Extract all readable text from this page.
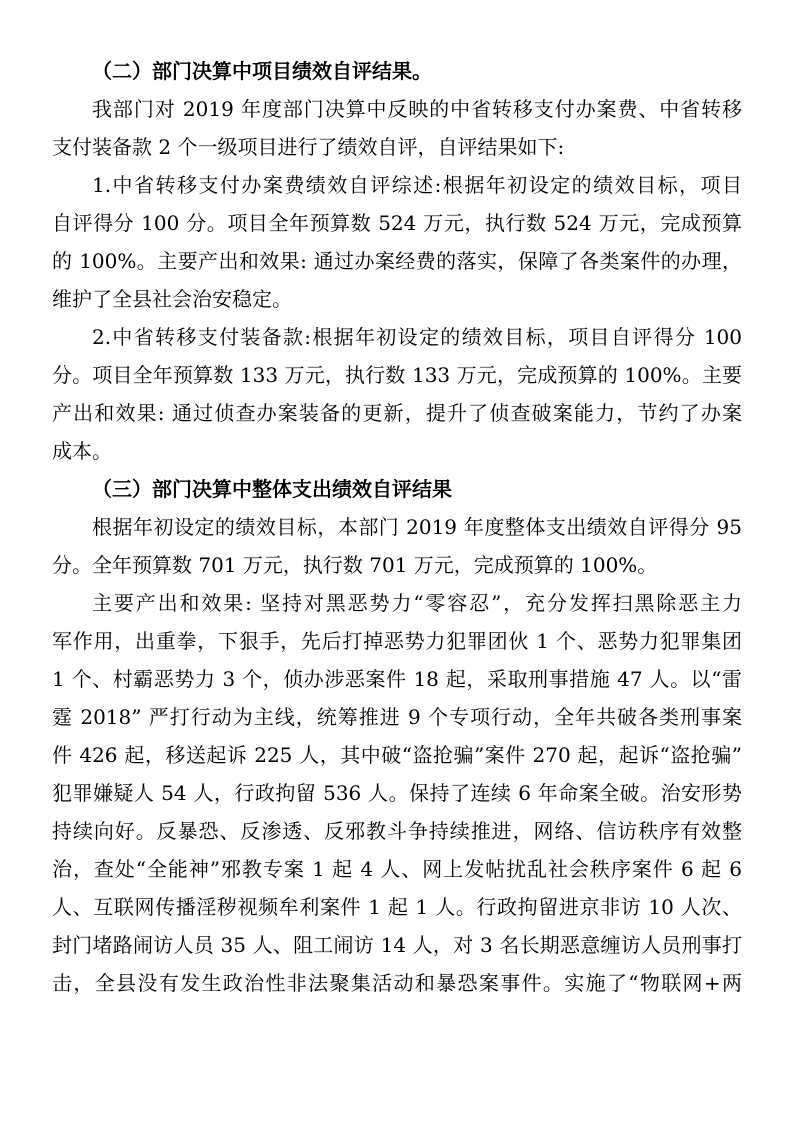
（二）部门决算中项目绩效自评结果。
我部门对 2019 年度部门决算中反映的中省转移支付办案费、中省转移
支付装备款 2 个一级项目进行了绩效自评，自评结果如下:
1.中省转移支付办案费绩效自评综述:根据年初设定的绩效目标，项目
自评得分 100 分。项目全年预算数 524 万元，执行数 524 万元，完成预算
的 100%。主要产出和效果: 通过办案经费的落实，保障了各类案件的办理，
维护了全县社会治安稳定。
2.中省转移支付装备款:根据年初设定的绩效目标，项目自评得分 100
分。项目全年预算数 133 万元，执行数 133 万元，完成预算的 100%。主要
产出和效果: 通过侦查办案装备的更新，提升了侦查破案能力，节约了办案
成本。
（三）部门决算中整体支出绩效自评结果
根据年初设定的绩效目标，本部门 2019 年度整体支出绩效自评得分 95
分。全年预算数 701 万元，执行数 701 万元，完成预算的 100%。
主要产出和效果: 坚持对黑恶势力“零容忍”，充分发挥扫黑除恶主力
军作用，出重拳，下狠手，先后打掉恶势力犯罪团伙 1 个、恶势力犯罪集团
1 个、村霸恶势力 3 个，侦办涉恶案件 18 起，采取刑事措施 47 人。以“雷
霆 2018” 严打行动为主线，统筹推进 9 个专项行动，全年共破各类刑事案
件 426 起，移送起诉 225 人，其中破“盗抢骗”案件 270 起，起诉“盗抢骗”
犯罪嫌疑人 54 人，行政拘留 536 人。保持了连续 6 年命案全破。治安形势
持续向好。反暴恐、反渗透、反邪教斗争持续推进，网络、信访秩序有效整
治，查处“全能神”邪教专案 1 起 4 人、网上发帖扰乱社会秩序案件 6 起 6
人、互联网传播淫秽视频牟利案件 1 起 1 人。行政拘留进京非访 10 人次、
封门堵路闹访人员 35 人、阻工闹访 14 人，对 3 名长期恶意缠访人员刑事打
击，全县没有发生政治性非法聚集活动和暴恐案事件。实施了“物联网+两
